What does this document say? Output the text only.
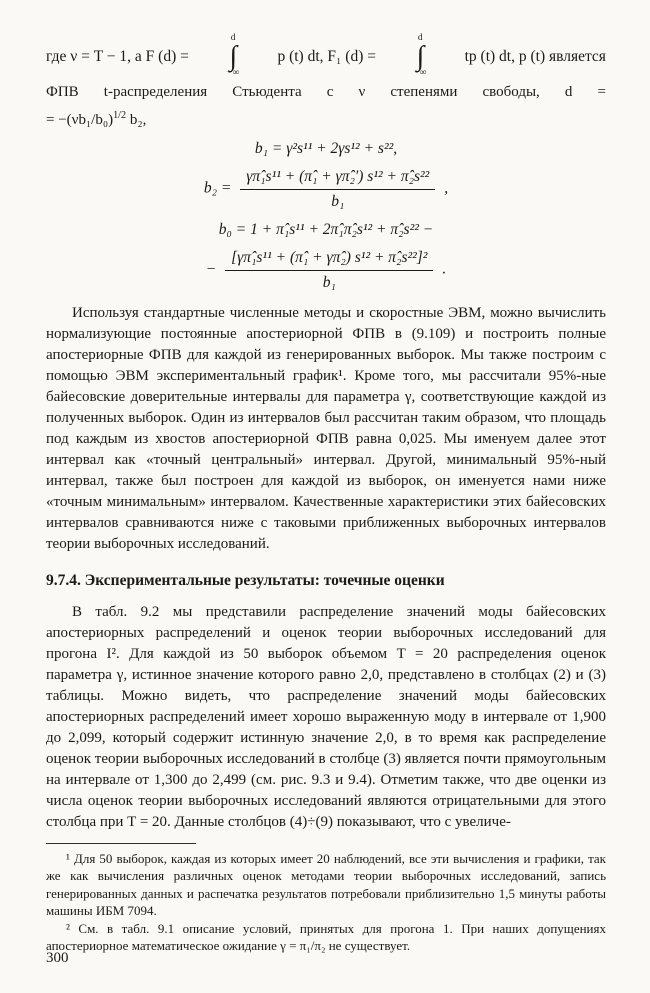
где ν = T − 1, а F (d) =
d
∫
−∞
p (t) dt, F₁ (d) =
d
∫
−∞
tp (t) dt, p (t) является
ФПВ t-распределения Стьюдента с ν степенями свободы, d =
= $-(\nu b_1/b_0)^{1/2}$ b₂,
b₁ = γ²s¹¹ + 2γs¹² + s²²,
$b_2 = \frac{\text{γπ̂₁s¹¹ + (π̂₁ + γπ̂₂′) s¹² + π̂₂s²²}}{\text{b₁}}$ ,
b₀ = 1 + π̂₁s¹¹ + 2π̂₁π̂₂s¹² + π̂₂s²² −
− $\frac{\text{[γπ̂₁s¹¹ + (π̂₁ + γπ̂₂) s¹² + π̂₂s²²]²}}{\text{b₁}}$ .

Используя стандартные численные методы и скоростные ЭВМ, можно вычислить нормализующие постоянные апостериорной ФПВ в (9.109) и построить полные апостериорные ФПВ для каждой из генерированных выборок. Мы также построим с помощью ЭВМ экспериментальный график¹. Кроме того, мы рассчитали 95%-ные байесовские доверительные интервалы для параметра γ, соответствующие каждой из полученных выборок. Один из интервалов был рассчитан таким образом, что площадь под каждым из хвостов апостериорной ФПВ равна 0,025. Мы именуем далее этот интервал как «точный центральный» интервал. Другой, минимальный 95%-ный интервал, также был построен для каждой из выборок, он именуется нами ниже «точным минимальным» интервалом. Качественные характеристики этих байесовских интервалов сравниваются ниже с таковыми приближенных выборочных интервалов теории выборочных исследований.

9.7.4. Экспериментальные результаты: точечные оценки

В табл. 9.2 мы представили распределение значений моды байесовских апостериорных распределений и оценок теории выборочных исследований для прогона I². Для каждой из 50 выборок объемом T = 20 распределения оценок параметра γ, истинное значение которого равно 2,0, представлено в столбцах (2) и (3) таблицы. Можно видеть, что распределение значений моды байесовских апостериорных распределений имеет хорошо выраженную моду в интервале от 1,900 до 2,099, который содержит истинную значение 2,0, в то время как распределение оценок теории выборочных исследований в столбце (3) является почти прямоугольным на интервале от 1,300 до 2,499 (см. рис. 9.3 и 9.4). Отметим также, что две оценки из числа оценок теории выборочных исследований являются отрицательными для этого столбца при T = 20. Данные столбцов (4)÷(9) показывают, что с увеличе-

¹ Для 50 выборок, каждая из которых имеет 20 наблюдений, все эти вычисления и графики, так же как вычисления различных оценок методами теории выборочных исследований, запись генерированных данных и распечатка результатов потребовали приблизительно 1,5 минуты работы машины ИБМ 7094.

² См. в табл. 9.1 описание условий, принятых для прогона 1. При наших допущениях апостериорное математическое ожидание γ = π₁/π₂ не существует.

300
